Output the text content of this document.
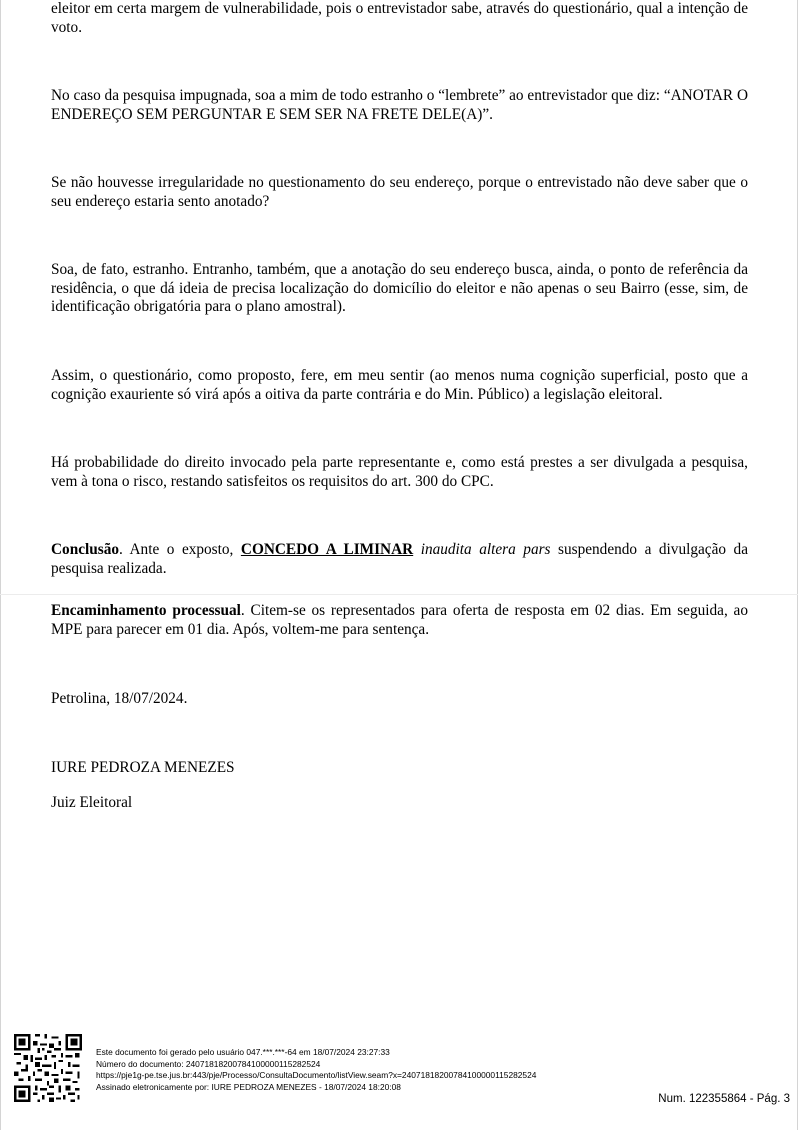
eleitor em certa margem de vulnerabilidade, pois o entrevistador sabe, através do questionário, qual a intenção de voto.

No caso da pesquisa impugnada, soa a mim de todo estranho o “lembrete” ao entrevistador que diz: “ANOTAR O ENDEREÇO SEM PERGUNTAR E SEM SER NA FRETE DELE(A)”.

Se não houvesse irregularidade no questionamento do seu endereço, porque o entrevistado não deve saber que o seu endereço estaria sento anotado?

Soa, de fato, estranho. Entranho, também, que a anotação do seu endereço busca, ainda, o ponto de referência da residência, o que dá ideia de precisa localização do domicílio do eleitor e não apenas o seu Bairro (esse, sim, de identificação obrigatória para o plano amostral).

Assim, o questionário, como proposto, fere, em meu sentir (ao menos numa cognição superficial, posto que a cognição exauriente só virá após a oitiva da parte contrária e do Min. Público) a legislação eleitoral.

Há probabilidade do direito invocado pela parte representante e, como está prestes a ser divulgada a pesquisa, vem à tona o risco, restando satisfeitos os requisitos do art. 300 do CPC.

Conclusão. Ante o exposto, CONCEDO A LIMINAR inaudita altera pars suspendendo a divulgação da pesquisa realizada.

Encaminhamento processual. Citem-se os representados para oferta de resposta em 02 dias. Em seguida, ao MPE para parecer em 01 dia. Após, voltem-me para sentença.

Petrolina, 18/07/2024.

IURE PEDROZA MENEZES

Juiz Eleitoral

Este documento foi gerado pelo usuário 047.***.***-64 em 18/07/2024 23:27:33
Número do documento: 24071818200784100000115282524
https://pje1g-pe.tse.jus.br:443/pje/Processo/ConsultaDocumento/listView.seam?x=24071818200784100000115282524
Assinado eletronicamente por: IURE PEDROZA MENEZES - 18/07/2024 18:20:08
Num. 122355864 - Pág. 3
